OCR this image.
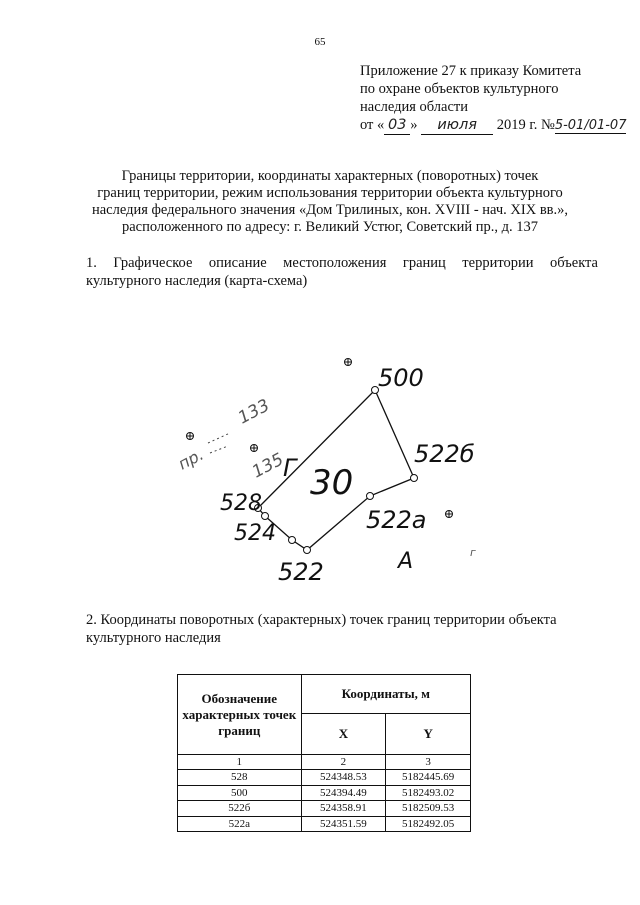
65
Приложение 27 к приказу Комитета
по охране объектов культурного
наследия области
от « 03 » июля 2019 г. №5-01/01-07
Границы территории, координаты характерных (поворотных) точек
границ территории, режим использования территории объекта культурного
наследия федерального значения «Дом Трилиных, кон. XVIII - нач. XIX вв.»,
расположенного по адресу: г. Великий Устюг, Советский пр., д. 137
1. Графическое описание местоположения границ территории объекта
культурного наследия (карта-схема)
30
Г
А
500
522б
522а
528
524
522
133
135
пр.
г
2. Координаты поворотных (характерных) точек границ территории объекта
культурного наследия
Обозначение характерных точек границ	Координаты, м	
	X	Y
1	2	3
528	524348.53	5182445.69
500	524394.49	5182493.02
522б	524358.91	5182509.53
522а	524351.59	5182492.05
